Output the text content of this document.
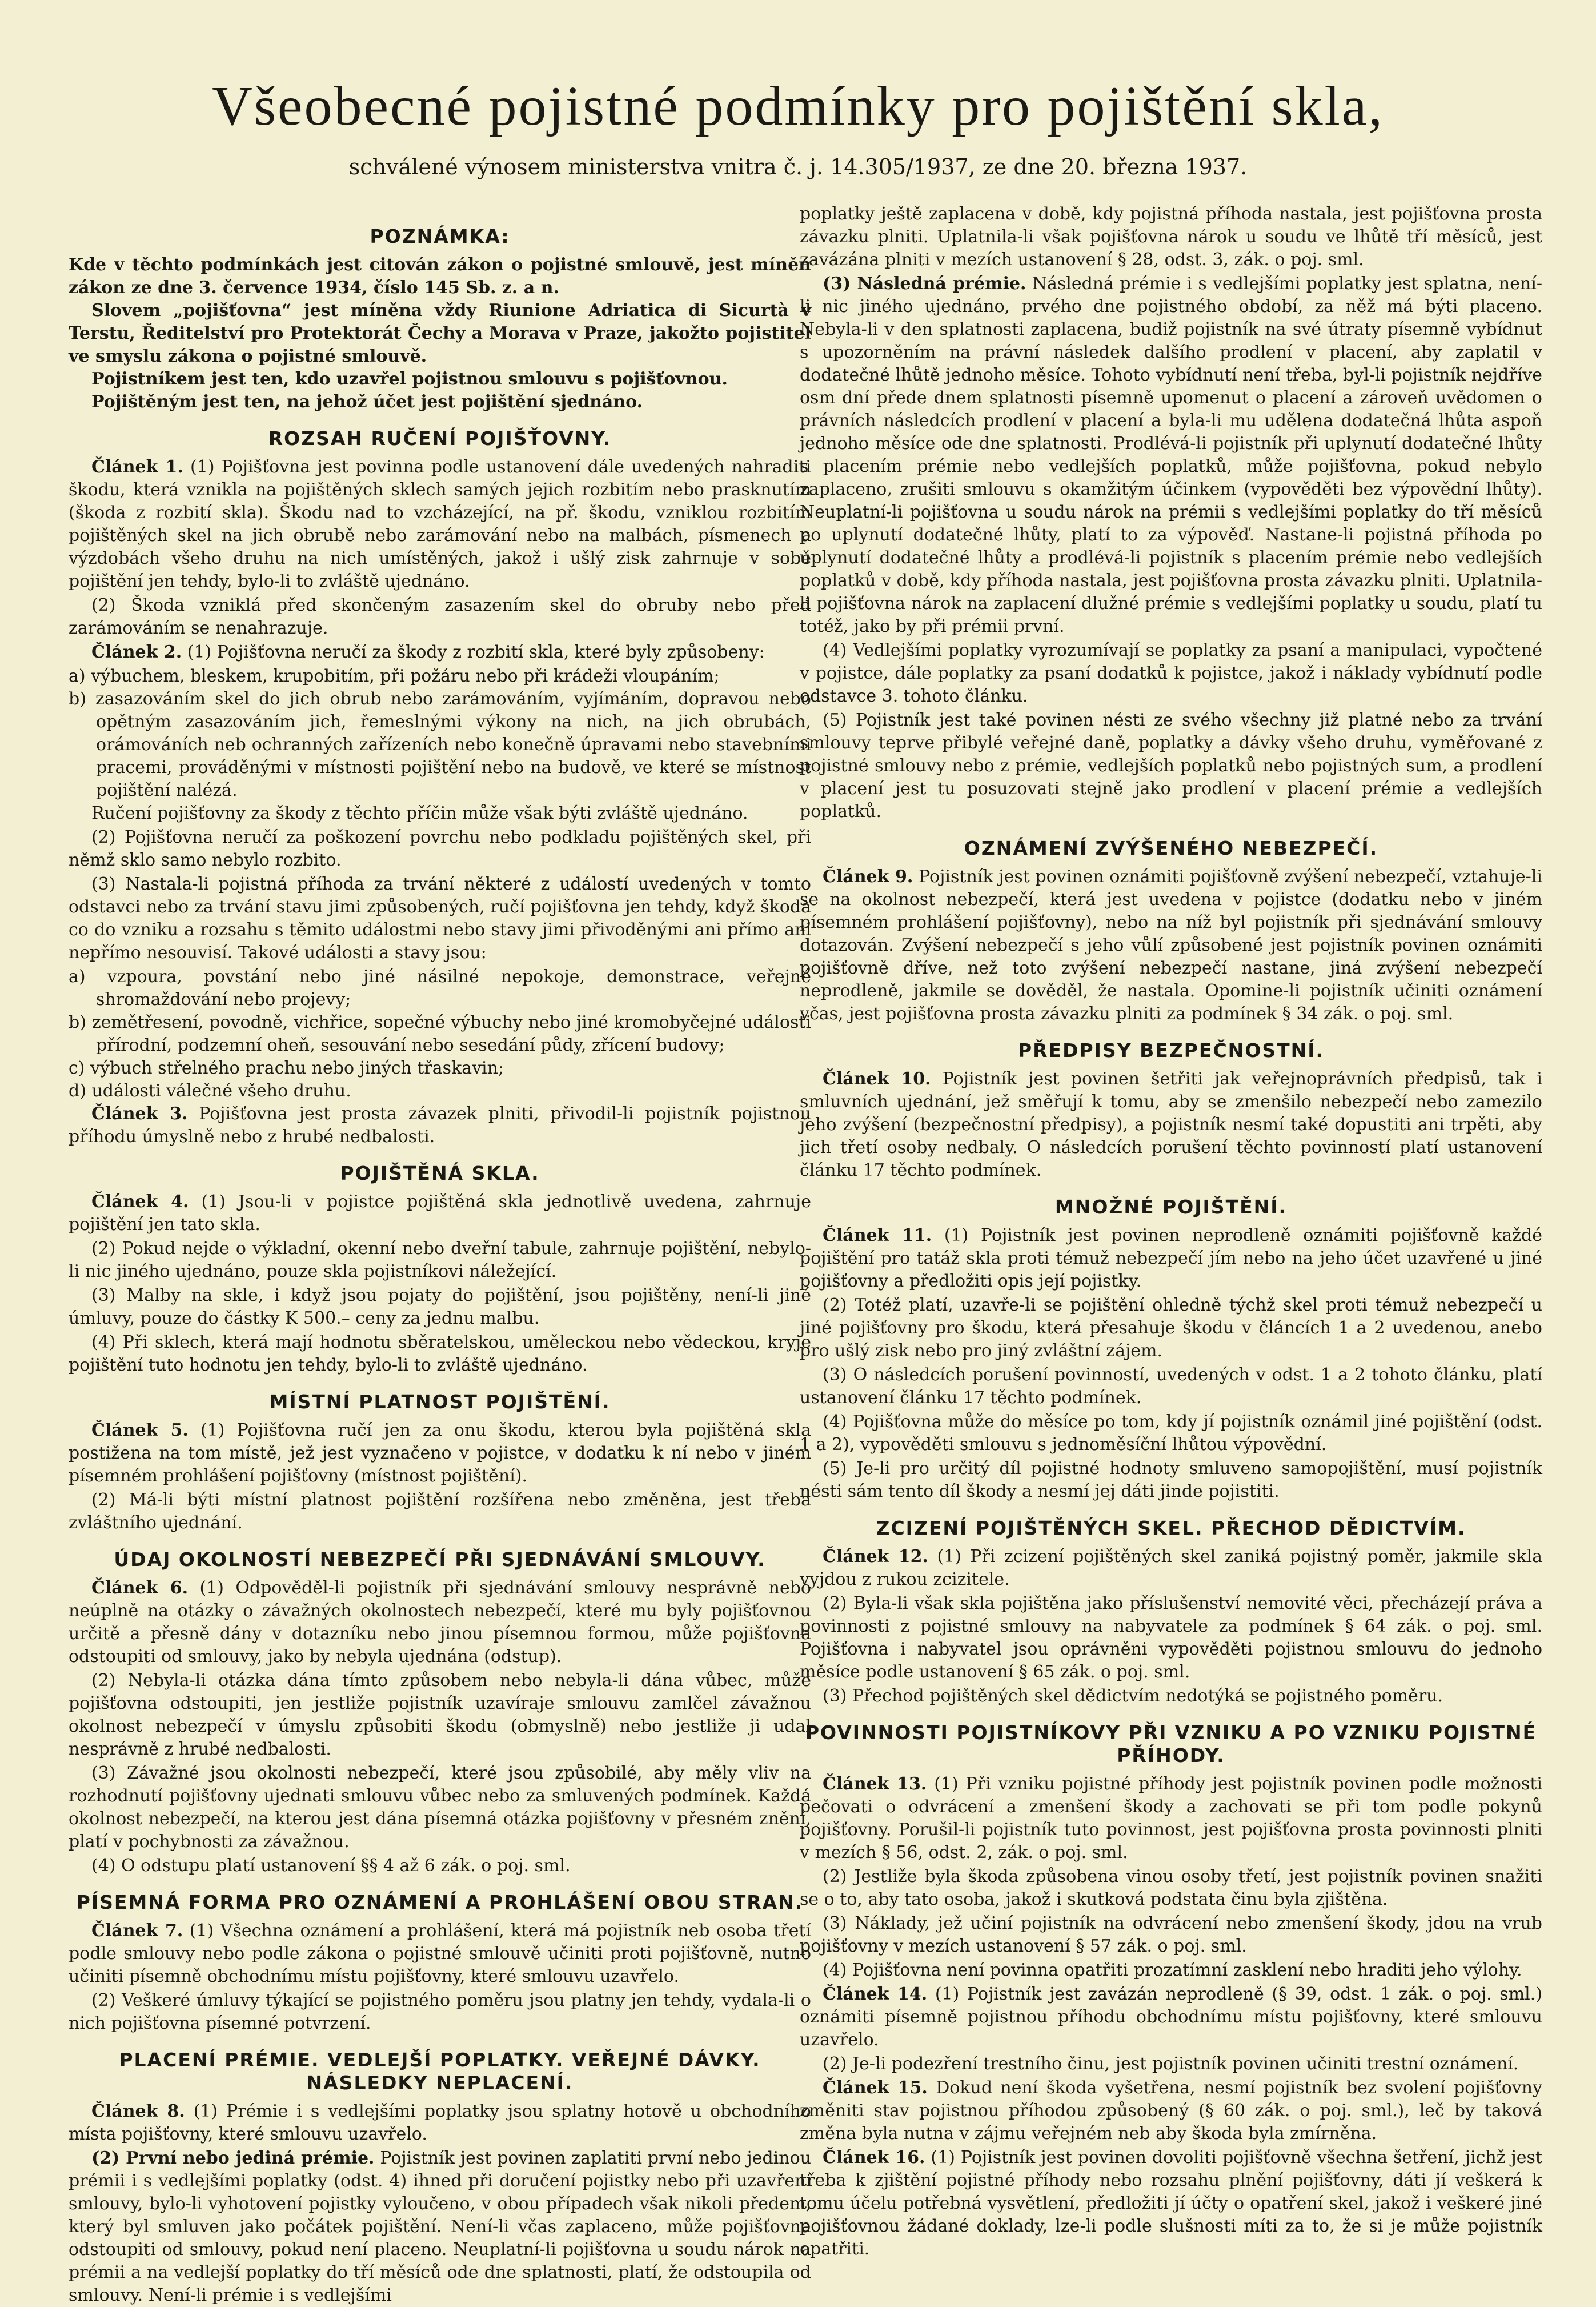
Všeobecné pojistné podmínky pro pojištění skla,
schválené výnosem ministerstva vnitra č. j. 14.305/1937, ze dne 20. března 1937.
POZNÁMKA:

Kde v těchto podmínkách jest citován zákon o pojistné smlouvě, jest míněn zákon ze dne 3. července 1934, číslo 145 Sb. z. a n.

Slovem „pojišťovna“ jest míněna vždy Riunione Adriatica di Sicurtà v Terstu, Ředitelství pro Protektorát Čechy a Morava v Praze, jakožto pojistitel ve smyslu zákona o pojistné smlouvě.

Pojistníkem jest ten, kdo uzavřel pojistnou smlouvu s pojišťovnou.

Pojištěným jest ten, na jehož účet jest pojištění sjednáno.

ROZSAH RUČENÍ POJIŠŤOVNY.

Článek 1. (1) Pojišťovna jest povinna podle ustanovení dále uvedených nahraditi škodu, která vznikla na pojištěných sklech samých jejich rozbitím nebo prasknutím (škoda z rozbití skla). Škodu nad to vzcházející, na př. škodu, vzniklou rozbitím pojištěných skel na jich obrubě nebo zarámování nebo na malbách, písmenech a výzdobách všeho druhu na nich umístěných, jakož i ušlý zisk zahrnuje v sobě pojištění jen tehdy, bylo-li to zvláště ujednáno.

(2) Škoda vzniklá před skončeným zasazením skel do obruby nebo před zarámováním se nenahrazuje.

Článek 2. (1) Pojišťovna neručí za škody z rozbití skla, které byly způsobeny:

a) výbuchem, bleskem, krupobitím, při požáru nebo při krádeži vloupáním;

b) zasazováním skel do jich obrub nebo zarámováním, vyjímáním, dopravou nebo opětným zasazováním jich, řemeslnými výkony na nich, na jich obrubách, orámováních neb ochranných zařízeních nebo konečně úpravami nebo stavebními pracemi, prováděnými v místnosti pojištění nebo na budově, ve které se místnost pojištění nalézá.

Ručení pojišťovny za škody z těchto příčin může však býti zvláště ujednáno.

(2) Pojišťovna neručí za poškození povrchu nebo podkladu pojištěných skel, při němž sklo samo nebylo rozbito.

(3) Nastala-li pojistná příhoda za trvání některé z událostí uvedených v tomto odstavci nebo za trvání stavu jimi způsobených, ručí pojišťovna jen tehdy, když škoda co do vzniku a rozsahu s těmito událostmi nebo stavy jimi přivoděnými ani přímo ani nepřímo nesouvisí. Takové události a stavy jsou:

a) vzpoura, povstání nebo jiné násilné nepokoje, demonstrace, veřejné shromaždování nebo projevy;

b) zemětřesení, povodně, vichřice, sopečné výbuchy nebo jiné kromobyčejné události přírodní, podzemní oheň, sesouvání nebo sesedání půdy, zřícení budovy;

c) výbuch střelného prachu nebo jiných třaskavin;

d) události válečné všeho druhu.

Článek 3. Pojišťovna jest prosta závazek plniti, přivodil-li pojistník pojistnou příhodu úmyslně nebo z hrubé nedbalosti.

POJIŠTĚNÁ SKLA.

Článek 4. (1) Jsou-li v pojistce pojištěná skla jednotlivě uvedena, zahrnuje pojištění jen tato skla.

(2) Pokud nejde o výkladní, okenní nebo dveřní tabule, zahrnuje pojištění, nebylo-li nic jiného ujednáno, pouze skla pojistníkovi náležející.

(3) Malby na skle, i když jsou pojaty do pojištění, jsou pojištěny, není-li jiné úmluvy, pouze do částky K 500.– ceny za jednu malbu.

(4) Při sklech, která mají hodnotu sběratelskou, uměleckou nebo vědeckou, kryje pojištění tuto hodnotu jen tehdy, bylo-li to zvláště ujednáno.

MÍSTNÍ PLATNOST POJIŠTĚNÍ.

Článek 5. (1) Pojišťovna ručí jen za onu škodu, kterou byla pojištěná skla postižena na tom místě, jež jest vyznačeno v pojistce, v dodatku k ní nebo v jiném písemném prohlášení pojišťovny (místnost pojištění).

(2) Má-li býti místní platnost pojištění rozšířena nebo změněna, jest třeba zvláštního ujednání.

ÚDAJ OKOLNOSTÍ NEBEZPEČÍ PŘI SJEDNÁVÁNÍ SMLOUVY.

Článek 6. (1) Odpověděl-li pojistník při sjednávání smlouvy nesprávně nebo neúplně na otázky o závažných okolnostech nebezpečí, které mu byly pojišťovnou určitě a přesně dány v dotazníku nebo jinou písemnou formou, může pojišťovna odstoupiti od smlouvy, jako by nebyla ujednána (odstup).

(2) Nebyla-li otázka dána tímto způsobem nebo nebyla-li dána vůbec, může pojišťovna odstoupiti, jen jestliže pojistník uzavíraje smlouvu zamlčel závažnou okolnost nebezpečí v úmyslu způsobiti škodu (obmyslně) nebo jestliže ji udal nesprávně z hrubé nedbalosti.

(3) Závažné jsou okolnosti nebezpečí, které jsou způsobilé, aby měly vliv na rozhodnutí pojišťovny ujednati smlouvu vůbec nebo za smluvených podmínek. Každá okolnost nebezpečí, na kterou jest dána písemná otázka pojišťovny v přesném znění, platí v pochybnosti za závažnou.

(4) O odstupu platí ustanovení §§ 4 až 6 zák. o poj. sml.

PÍSEMNÁ FORMA PRO OZNÁMENÍ A PROHLÁŠENÍ OBOU STRAN.

Článek 7. (1) Všechna oznámení a prohlášení, která má pojistník neb osoba třetí podle smlouvy nebo podle zákona o pojistné smlouvě učiniti proti pojišťovně, nutno učiniti písemně obchodnímu místu pojišťovny, které smlouvu uzavřelo.

(2) Veškeré úmluvy týkající se pojistného poměru jsou platny jen tehdy, vydala-li o nich pojišťovna písemné potvrzení.

PLACENÍ PRÉMIE. VEDLEJŠÍ POPLATKY. VEŘEJNÉ DÁVKY. NÁSLEDKY NEPLACENÍ.

Článek 8. (1) Prémie i s vedlejšími poplatky jsou splatny hotově u obchodního místa pojišťovny, které smlouvu uzavřelo.

(2) První nebo jediná prémie. Pojistník jest povinen zaplatiti první nebo jedinou prémii i s vedlejšími poplatky (odst. 4) ihned při doručení pojistky nebo při uzavření smlouvy, bylo-li vyhotovení pojistky vyloučeno, v obou případech však nikoli předem, který byl smluven jako počátek pojištění. Není-li včas zaplaceno, může pojišťovna odstoupiti od smlouvy, pokud není placeno. Neuplatní-li pojišťovna u soudu nárok na prémii a na vedlejší poplatky do tří měsíců ode dne splatnosti, platí, že odstoupila od smlouvy. Není-li prémie i s vedlejšími

poplatky ještě zaplacena v době, kdy pojistná příhoda nastala, jest pojišťovna prosta závazku plniti. Uplatnila-li však pojišťovna nárok u soudu ve lhůtě tří měsíců, jest zavázána plniti v mezích ustanovení § 28, odst. 3, zák. o poj. sml.

(3) Následná prémie. Následná prémie i s vedlejšími poplatky jest splatna, není-li nic jiného ujednáno, prvého dne pojistného období, za něž má býti placeno. Nebyla-li v den splatnosti zaplacena, budiž pojistník na své útraty písemně vybídnut s upozorněním na právní následek dalšího prodlení v placení, aby zaplatil v dodatečné lhůtě jednoho měsíce. Tohoto vybídnutí není třeba, byl-li pojistník nejdříve osm dní přede dnem splatnosti písemně upomenut o placení a zároveň uvědomen o právních následcích prodlení v placení a byla-li mu udělena dodatečná lhůta aspoň jednoho měsíce ode dne splatnosti. Prodlévá-li pojistník při uplynutí dodatečné lhůty s placením prémie nebo vedlejších poplatků, může pojišťovna, pokud nebylo zaplaceno, zrušiti smlouvu s okamžitým účinkem (vypověděti bez výpovědní lhůty). Neuplatní-li pojišťovna u soudu nárok na prémii s vedlejšími poplatky do tří měsíců po uplynutí dodatečné lhůty, platí to za výpověď. Nastane-li pojistná příhoda po uplynutí dodatečné lhůty a prodlévá-li pojistník s placením prémie nebo vedlejších poplatků v době, kdy příhoda nastala, jest pojišťovna prosta závazku plniti. Uplatnila-li pojišťovna nárok na zaplacení dlužné prémie s vedlejšími poplatky u soudu, platí tu totéž, jako by při prémii první.

(4) Vedlejšími poplatky vyrozumívají se poplatky za psaní a manipulaci, vypočtené v pojistce, dále poplatky za psaní dodatků k pojistce, jakož i náklady vybídnutí podle odstavce 3. tohoto článku.

(5) Pojistník jest také povinen nésti ze svého všechny již platné nebo za trvání smlouvy teprve přibylé veřejné daně, poplatky a dávky všeho druhu, vyměřované z pojistné smlouvy nebo z prémie, vedlejších poplatků nebo pojistných sum, a prodlení v placení jest tu posuzovati stejně jako prodlení v placení prémie a vedlejších poplatků.

OZNÁMENÍ ZVÝŠENÉHO NEBEZPEČÍ.

Článek 9. Pojistník jest povinen oznámiti pojišťovně zvýšení nebezpečí, vztahuje-li se na okolnost nebezpečí, která jest uvedena v pojistce (dodatku nebo v jiném písemném prohlášení pojišťovny), nebo na níž byl pojistník při sjednávání smlouvy dotazován. Zvýšení nebezpečí s jeho vůlí způsobené jest pojistník povinen oznámiti pojišťovně dříve, než toto zvýšení nebezpečí nastane, jiná zvýšení nebezpečí neprodleně, jakmile se dověděl, že nastala. Opomine-li pojistník učiniti oznámení včas, jest pojišťovna prosta závazku plniti za podmínek § 34 zák. o poj. sml.

PŘEDPISY BEZPEČNOSTNÍ.

Článek 10. Pojistník jest povinen šetřiti jak veřejnoprávních předpisů, tak i smluvních ujednání, jež směřují k tomu, aby se zmenšilo nebezpečí nebo zamezilo jeho zvýšení (bezpečnostní předpisy), a pojistník nesmí také dopustiti ani trpěti, aby jich třetí osoby nedbaly. O následcích porušení těchto povinností platí ustanovení článku 17 těchto podmínek.

MNOŽNÉ POJIŠTĚNÍ.

Článek 11. (1) Pojistník jest povinen neprodleně oznámiti pojišťovně každé pojištění pro tatáž skla proti témuž nebezpečí jím nebo na jeho účet uzavřené u jiné pojišťovny a předložiti opis její pojistky.

(2) Totéž platí, uzavře-li se pojištění ohledně týchž skel proti témuž nebezpečí u jiné pojišťovny pro škodu, která přesahuje škodu v článcích 1 a 2 uvedenou, anebo pro ušlý zisk nebo pro jiný zvláštní zájem.

(3) O následcích porušení povinností, uvedených v odst. 1 a 2 tohoto článku, platí ustanovení článku 17 těchto podmínek.

(4) Pojišťovna může do měsíce po tom, kdy jí pojistník oznámil jiné pojištění (odst. 1 a 2), vypověděti smlouvu s jednoměsíční lhůtou výpovědní.

(5) Je-li pro určitý díl pojistné hodnoty smluveno samopojištění, musí pojistník nésti sám tento díl škody a nesmí jej dáti jinde pojistiti.

ZCIZENÍ POJIŠTĚNÝCH SKEL. PŘECHOD DĚDICTVÍM.

Článek 12. (1) Při zcizení pojištěných skel zaniká pojistný poměr, jakmile skla vyjdou z rukou zcizitele.

(2) Byla-li však skla pojištěna jako příslušenství nemovité věci, přecházejí práva a povinnosti z pojistné smlouvy na nabyvatele za podmínek § 64 zák. o poj. sml. Pojišťovna i nabyvatel jsou oprávněni vypověděti pojistnou smlouvu do jednoho měsíce podle ustanovení § 65 zák. o poj. sml.

(3) Přechod pojištěných skel dědictvím nedotýká se pojistného poměru.

POVINNOSTI POJISTNÍKOVY PŘI VZNIKU A PO VZNIKU POJISTNÉ PŘÍHODY.

Článek 13. (1) Při vzniku pojistné příhody jest pojistník povinen podle možnosti pečovati o odvrácení a zmenšení škody a zachovati se při tom podle pokynů pojišťovny. Porušil-li pojistník tuto povinnost, jest pojišťovna prosta povinnosti plniti v mezích § 56, odst. 2, zák. o poj. sml.

(2) Jestliže byla škoda způsobena vinou osoby třetí, jest pojistník povinen snažiti se o to, aby tato osoba, jakož i skutková podstata činu byla zjištěna.

(3) Náklady, jež učiní pojistník na odvrácení nebo zmenšení škody, jdou na vrub pojišťovny v mezích ustanovení § 57 zák. o poj. sml.

(4) Pojišťovna není povinna opatřiti prozatímní zasklení nebo hraditi jeho výlohy.

Článek 14. (1) Pojistník jest zavázán neprodleně (§ 39, odst. 1 zák. o poj. sml.) oznámiti písemně pojistnou příhodu obchodnímu místu pojišťovny, které smlouvu uzavřelo.

(2) Je-li podezření trestního činu, jest pojistník povinen učiniti trestní oznámení.

Článek 15. Dokud není škoda vyšetřena, nesmí pojistník bez svolení pojišťovny změniti stav pojistnou příhodou způsobený (§ 60 zák. o poj. sml.), leč by taková změna byla nutna v zájmu veřejném neb aby škoda byla zmírněna.

Článek 16. (1) Pojistník jest povinen dovoliti pojišťovně všechna šetření, jichž jest třeba k zjištění pojistné příhody nebo rozsahu plnění pojišťovny, dáti jí veškerá k tomu účelu potřebná vysvětlení, předložiti jí účty o opatření skel, jakož i veškeré jiné pojišťovnou žádané doklady, lze-li podle slušnosti míti za to, že si je může pojistník opatřiti.
